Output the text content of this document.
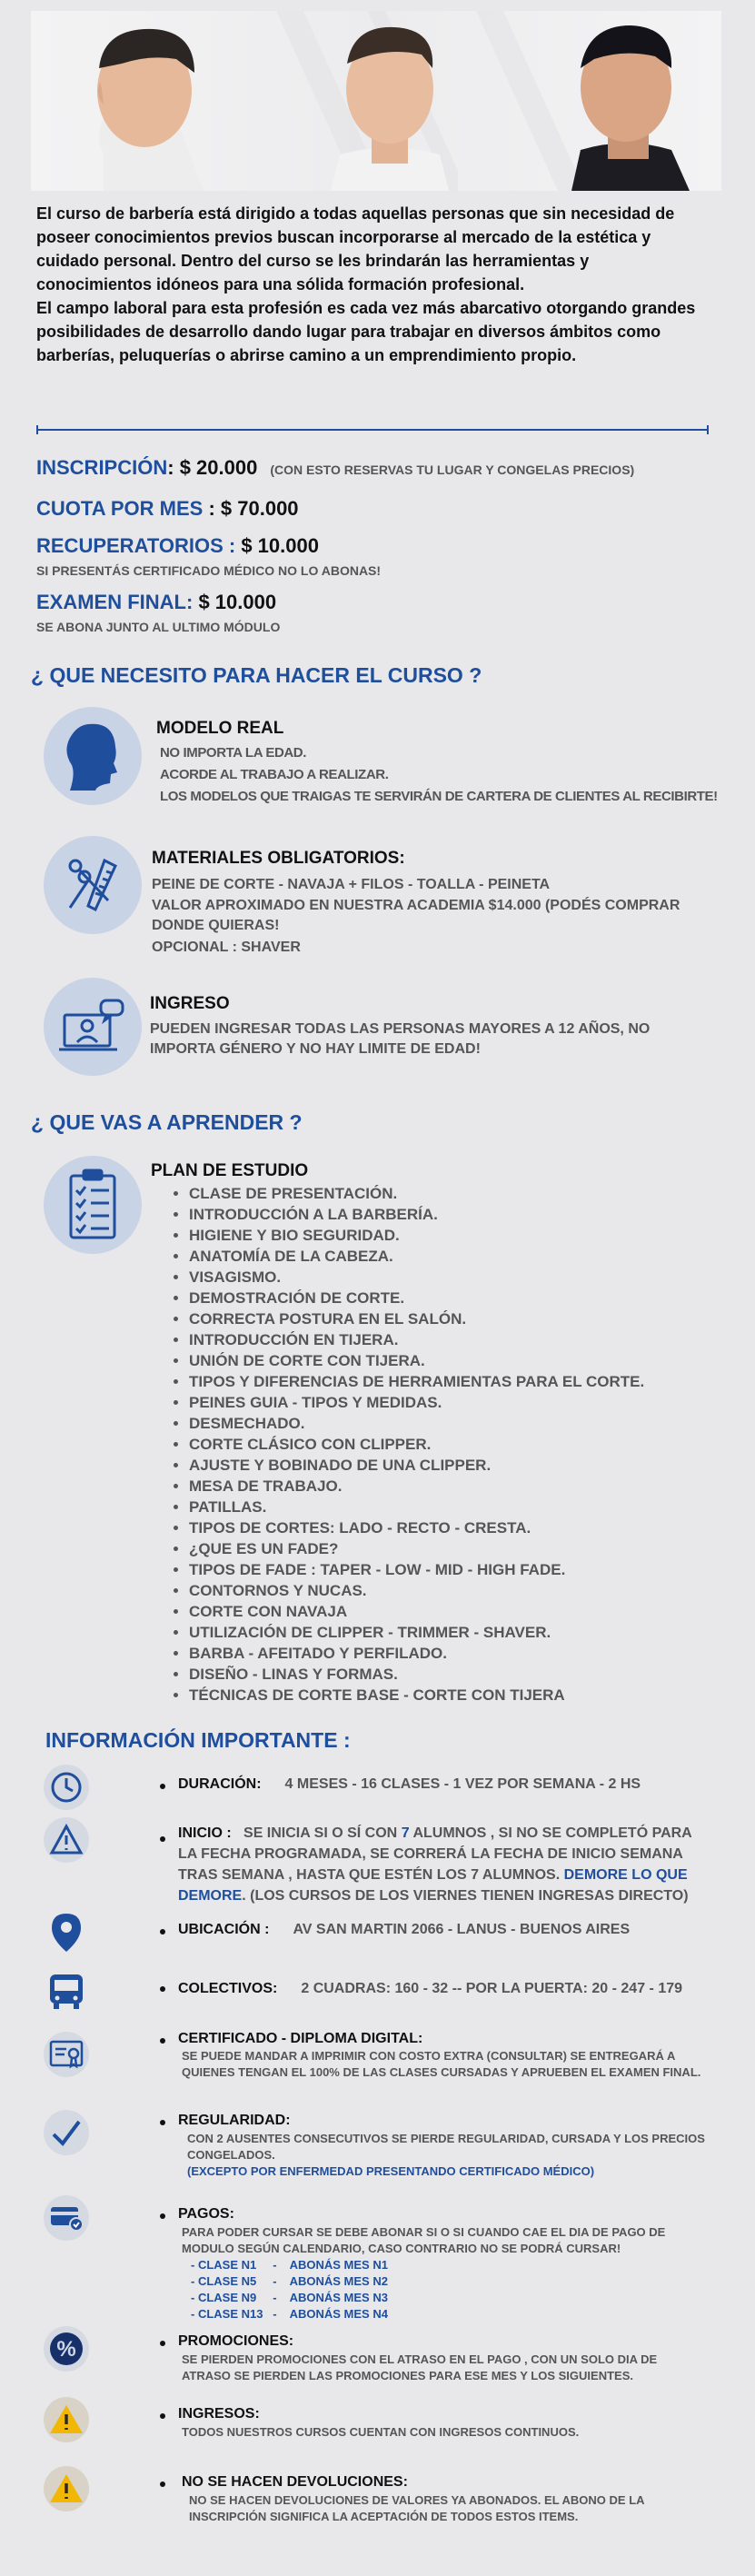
El curso de barbería está dirigido a todas aquellas personas que sin necesidad de poseer conocimientos previos buscan incorporarse al mercado de la estética y cuidado personal. Dentro del curso se les brindarán las herramientas y conocimientos idóneos para una sólida formación profesional.

El campo laboral para esta profesión es cada vez más abarcativo otorgando grandes posibilidades de desarrollo dando lugar para trabajar en diversos ámbitos como barberías, peluquerías o abrirse camino a un emprendimiento propio.

INSCRIPCIÓN: $ 20.000 (CON ESTO RESERVAS TU LUGAR Y CONGELAS PRECIOS)
CUOTA POR MES : $ 70.000
RECUPERATORIOS : $ 10.000
SI PRESENTÁS CERTIFICADO MÉDICO NO LO ABONAS!
EXAMEN FINAL: $ 10.000
SE ABONA JUNTO AL ULTIMO MÓDULO
¿ QUE NECESITO PARA HACER EL CURSO ?
MODELO REAL
NO IMPORTA LA EDAD.
ACORDE AL TRABAJO A REALIZAR.
LOS MODELOS QUE TRAIGAS TE SERVIRÁN DE CARTERA DE CLIENTES AL RECIBIRTE!
MATERIALES OBLIGATORIOS:
PEINE DE CORTE - NAVAJA + FILOS - TOALLA - PEINETA
VALOR APROXIMADO EN NUESTRA ACADEMIA $14.000 (PODÉS COMPRAR DONDE QUIERAS!
OPCIONAL : SHAVER
INGRESO
PUEDEN INGRESAR TODAS LAS PERSONAS MAYORES A 12 AÑOS, NO IMPORTA GÉNERO Y NO HAY LIMITE DE EDAD!
¿ QUE VAS A APRENDER ?
PLAN DE ESTUDIO
• CLASE DE PRESENTACIÓN.
• INTRODUCCIÓN A LA BARBERÍA.
• HIGIENE Y BIO SEGURIDAD.
• ANATOMÍA DE LA CABEZA.
• VISAGISMO.
• DEMOSTRACIÓN DE CORTE.
• CORRECTA POSTURA EN EL SALÓN.
• INTRODUCCIÓN EN TIJERA.
• UNIÓN DE CORTE CON TIJERA.
• TIPOS Y DIFERENCIAS DE HERRAMIENTAS PARA EL CORTE.
• PEINES GUIA - TIPOS Y MEDIDAS.
• DESMECHADO.
• CORTE CLÁSICO CON CLIPPER.
• AJUSTE Y BOBINADO DE UNA CLIPPER.
• MESA DE TRABAJO.
• PATILLAS.
• TIPOS DE CORTES: LADO - RECTO - CRESTA.
• ¿QUE ES UN FADE?
• TIPOS DE FADE : TAPER - LOW - MID - HIGH FADE.
• CONTORNOS Y NUCAS.
• CORTE CON NAVAJA
• UTILIZACIÓN DE CLIPPER - TRIMMER - SHAVER.
• BARBA - AFEITADO Y PERFILADO.
• DISEÑO - LINAS Y FORMAS.
• TÉCNICAS DE CORTE BASE - CORTE CON TIJERA
INFORMACIÓN IMPORTANTE :
DURACIÓN: 4 MESES - 16 CLASES - 1 VEZ POR SEMANA - 2 HS
INICIO : SE INICIA SI O SÍ CON 7 ALUMNOS , SI NO SE COMPLETÓ PARA LA FECHA PROGRAMADA, SE CORRERÁ LA FECHA DE INICIO SEMANA TRAS SEMANA , HASTA QUE ESTÉN LOS 7 ALUMNOS. DEMORE LO QUE DEMORE. (LOS CURSOS DE LOS VIERNES TIENEN INGRESAS DIRECTO)
UBICACIÓN : AV SAN MARTIN 2066 - LANUS - BUENOS AIRES
COLECTIVOS: 2 CUADRAS: 160 - 32 -- POR LA PUERTA: 20 - 247 - 179
CERTIFICADO - DIPLOMA DIGITAL:
SE PUEDE MANDAR A IMPRIMIR CON COSTO EXTRA (CONSULTAR) SE ENTREGARÁ A QUIENES TENGAN EL 100% DE LAS CLASES CURSADAS Y APRUEBEN EL EXAMEN FINAL.
REGULARIDAD:
CON 2 AUSENTES CONSECUTIVOS SE PIERDE REGULARIDAD, CURSADA Y LOS PRECIOS CONGELADOS.
(EXCEPTO POR ENFERMEDAD PRESENTANDO CERTIFICADO MÉDICO)
PAGOS:
PARA PODER CURSAR SE DEBE ABONAR SI O SI CUANDO CAE EL DIA DE PAGO DE MODULO SEGÚN CALENDARIO, CASO CONTRARIO NO SE PODRÁ CURSAR!
- CLASE N1     -    ABONÁS MES N1
- CLASE N5     -    ABONÁS MES N2
- CLASE N9     -    ABONÁS MES N3
- CLASE N13   -    ABONÁS MES N4
%	PROMOCIONES:
SE PIERDEN PROMOCIONES CON EL ATRASO EN EL PAGO , CON UN SOLO DIA DE ATRASO SE PIERDEN LAS PROMOCIONES PARA ESE MES Y LOS SIGUIENTES.
INGRESOS:
TODOS NUESTROS CURSOS CUENTAN CON INGRESOS CONTINUOS.
NO SE HACEN DEVOLUCIONES:
NO SE HACEN DEVOLUCIONES DE VALORES YA ABONADOS. EL ABONO DE LA INSCRIPCIÓN SIGNIFICA LA ACEPTACIÓN DE TODOS ESTOS ITEMS.
